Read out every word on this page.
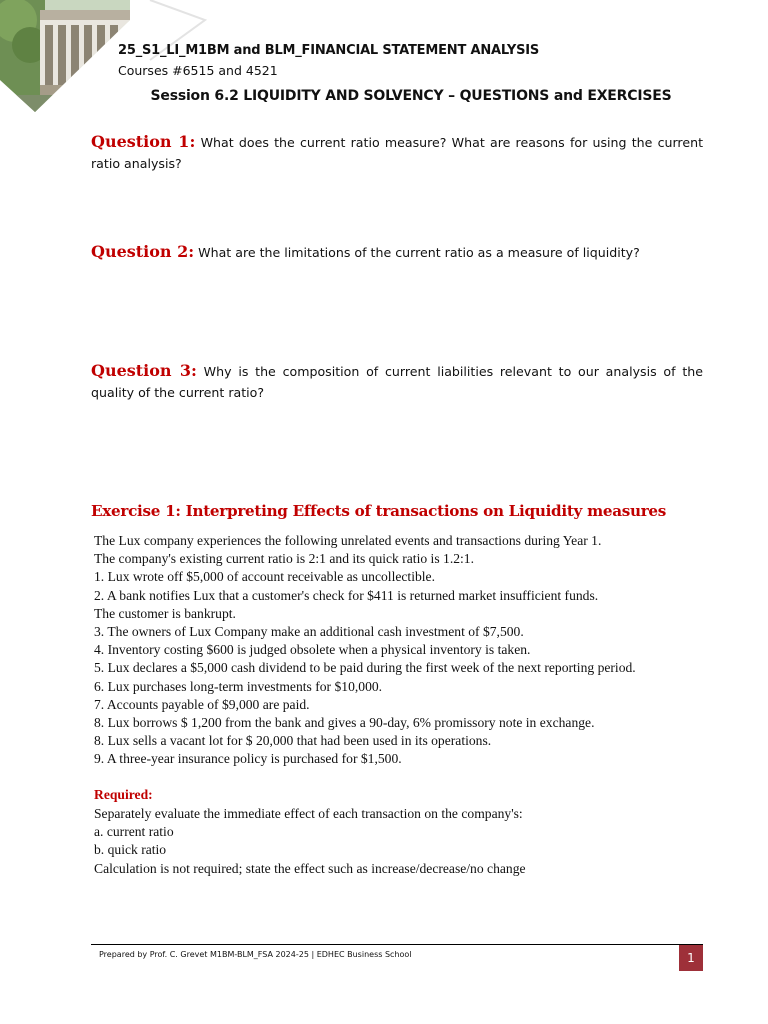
25_S1_LI_M1BM and BLM_FINANCIAL STATEMENT ANALYSIS
Courses #6515 and 4521
Session 6.2 LIQUIDITY AND SOLVENCY – QUESTIONS and EXERCISES
Question 1: What does the current ratio measure? What are reasons for using the current ratio analysis?
Question 2: What are the limitations of the current ratio as a measure of liquidity?
Question 3: Why is the composition of current liabilities relevant to our analysis of the quality of the current ratio?
Exercise 1: Interpreting Effects of transactions on Liquidity measures
The Lux company experiences the following unrelated events and transactions during Year 1.
The company's existing current ratio is 2:1 and its quick ratio is 1.2:1.
1. Lux wrote off $5,000 of account receivable as uncollectible.
2. A bank notifies Lux that a customer's check for $411 is returned market insufficient funds.
The customer is bankrupt.
3. The owners of Lux Company make an additional cash investment of $7,500.
4. Inventory costing $600 is judged obsolete when a physical inventory is taken.
5. Lux declares a $5,000 cash dividend to be paid during the first week of the next reporting period.
6. Lux purchases long-term investments for $10,000.
7. Accounts payable of $9,000 are paid.
8. Lux borrows $ 1,200 from the bank and gives a 90-day, 6% promissory note in exchange.
8. Lux sells a vacant lot for $ 20,000 that had been used in its operations.
9. A three-year insurance policy is purchased for $1,500.
Required:
Separately evaluate the immediate effect of each transaction on the company's:
a. current ratio
b. quick ratio
Calculation is not required; state the effect such as increase/decrease/no change
Prepared by Prof. C. Grevet M1BM-BLM_FSA 2024-25 | EDHEC Business School	1
